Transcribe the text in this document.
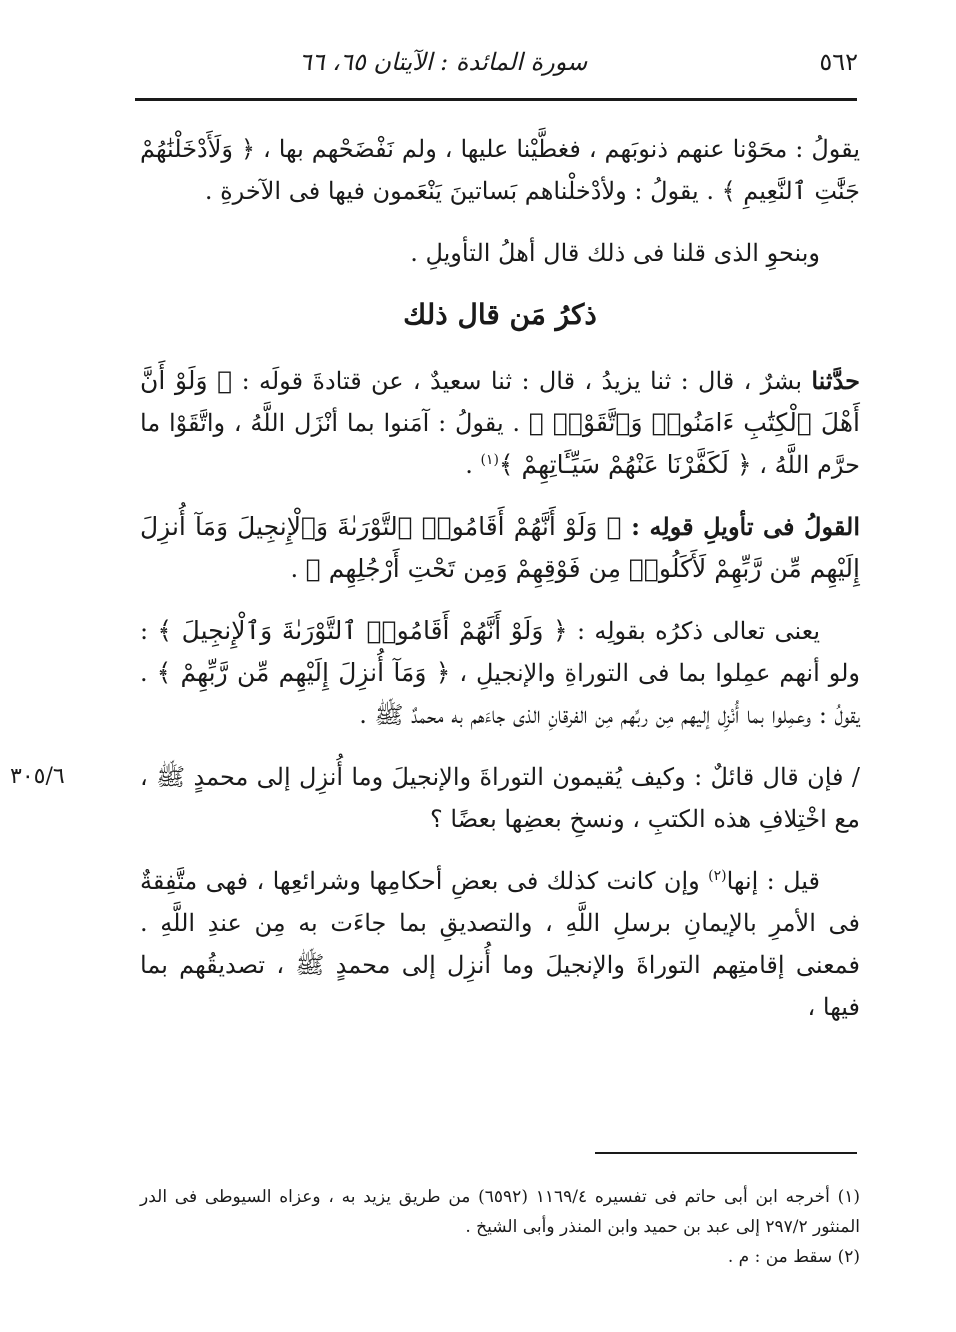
٥٦٢
سورة المائدة : الآيتان ٦٥، ٦٦

يقولُ : محَوْنا عنهم ذنوبَهم ، فغطَّيْنا عليها ، ولم نَفْضَحْهم بها ، ﴿ وَلَأَدْخَلْنَٰهُمْ جَنَّٰتِ ٱلنَّعِيمِ ﴾ . يقولُ : ولأدْخلْناهم بَساتينَ يَنْعَمون فيها فى الآخرةِ .

وبنحوِ الذى قلنا فى ذلك قال أهلُ التأويلِ .

ذكرُ مَن قال ذلك

حدَّثنا بشرٌ ، قال : ثنا يزيدُ ، قال : ثنا سعيدٌ ، عن قتادةَ قولَه : ﴿ وَلَوْ أَنَّ أَهْلَ ٱلْكِتَٰبِ ءَامَنُوا۟ وَٱتَّقَوْا۟ ﴾ . يقولُ : آمَنوا بما أنْزَل اللَّهُ ، واتَّقَوْا ما حرَّم اللَّهُ ، ﴿ لَكَفَّرْنَا عَنْهُمْ سَيِّـَٔاتِهِمْ ﴾$^{(١)}$ .

القولُ فى تأويلِ قولِه : ﴿ وَلَوْ أَنَّهُمْ أَقَامُوا۟ ٱلتَّوْرَىٰةَ وَٱلْإِنجِيلَ وَمَآ أُنزِلَ إِلَيْهِم مِّن رَّبِّهِمْ لَأَكَلُوا۟ مِن فَوْقِهِمْ وَمِن تَحْتِ أَرْجُلِهِم ﴾ .

يعنى تعالى ذكرُه بقولِه : ﴿ وَلَوْ أَنَّهُمْ أَقَامُوا۟ ٱلتَّوْرَىٰةَ وَٱلْإِنجِيلَ ﴾ : ولو أنهم عمِلوا بما فى التوراةِ والإنجيلِ ، ﴿ وَمَآ أُنزِلَ إِلَيْهِم مِّن رَّبِّهِمْ ﴾ . يقولُ : وعمِلوا بما أُنْزِل إليهم مِن ربِّهم مِن الفرقانِ الذى جاءَهم به محمدٌ ﷺ .

٣٠٥/٦	/ فإن قال قائلٌ : وكيف يُقيمون التوراةَ والإنجيلَ وما أُنزِل إلى محمدٍ ﷺ ، مع اخْتِلافِ هذه الكتبِ ، ونسخِ بعضِها بعضًا ؟

قيل : إنها$^{(٢)}$ وإن كانت كذلك فى بعضِ أحكامِها وشرائعِها ، فهى متَّفِقةٌ فى الأمرِ بالإيمانِ برسلِ اللَّهِ ، والتصديقِ بما جاءَت به مِن عندِ اللَّهِ . فمعنى إقامتِهم التوراةَ والإنجيلَ وما أُنزِل إلى محمدٍ ﷺ ، تصديقُهم بما فيها ،

(١) أخرجه ابن أبى حاتم فى تفسيره ١١٦٩/٤ (٦٥٩٢) من طريق يزيد به ، وعزاه السيوطى فى الدر المنثور ٢٩٧/٢ إلى عبد بن حميد وابن المنذر وأبى الشيخ .

(٢) سقط من : م .
